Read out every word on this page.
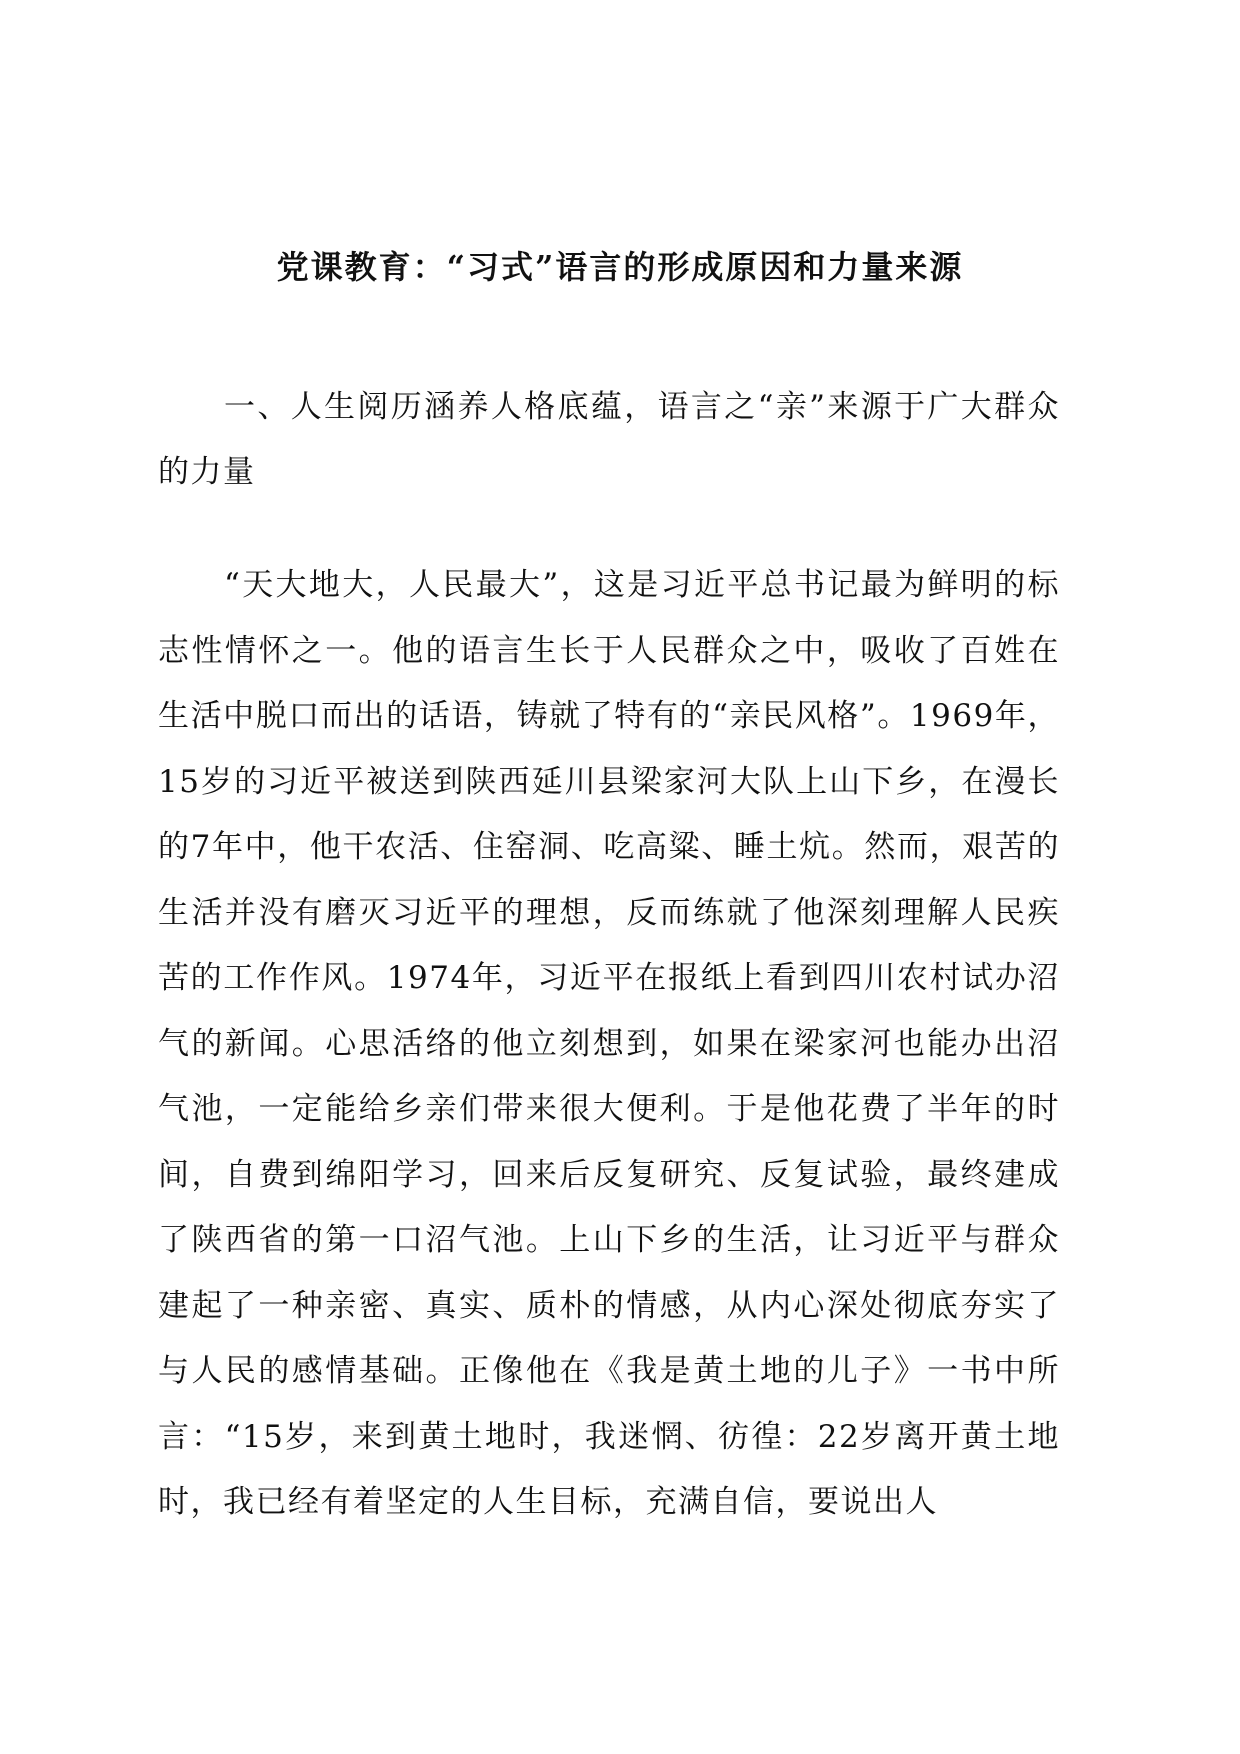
党课教育：“习式”语言的形成原因和力量来源

一、人生阅历涵养人格底蕴，语言之“亲”来源于广大群众的力量

“天大地大，人民最大”，这是习近平总书记最为鲜明的标志性情怀之一。他的语言生长于人民群众之中，吸收了百姓在生活中脱口而出的话语，铸就了特有的“亲民风格”。1969年，15岁的习近平被送到陕西延川县梁家河大队上山下乡，在漫长的7年中，他干农活、住窑洞、吃高粱、睡土炕。然而，艰苦的生活并没有磨灭习近平的理想，反而练就了他深刻理解人民疾苦的工作作风。1974年，习近平在报纸上看到四川农村试办沼气的新闻。心思活络的他立刻想到，如果在梁家河也能办出沼气池，一定能给乡亲们带来很大便利。于是他花费了半年的时间，自费到绵阳学习，回来后反复研究、反复试验，最终建成了陕西省的第一口沼气池。上山下乡的生活，让习近平与群众建起了一种亲密、真实、质朴的情感，从内心深处彻底夯实了与人民的感情基础。正像他在《我是黄土地的儿子》一书中所言：“15岁，来到黄土地时，我迷惘、彷徨：22岁离开黄土地时，我已经有着坚定的人生目标，充满自信，要说出人
